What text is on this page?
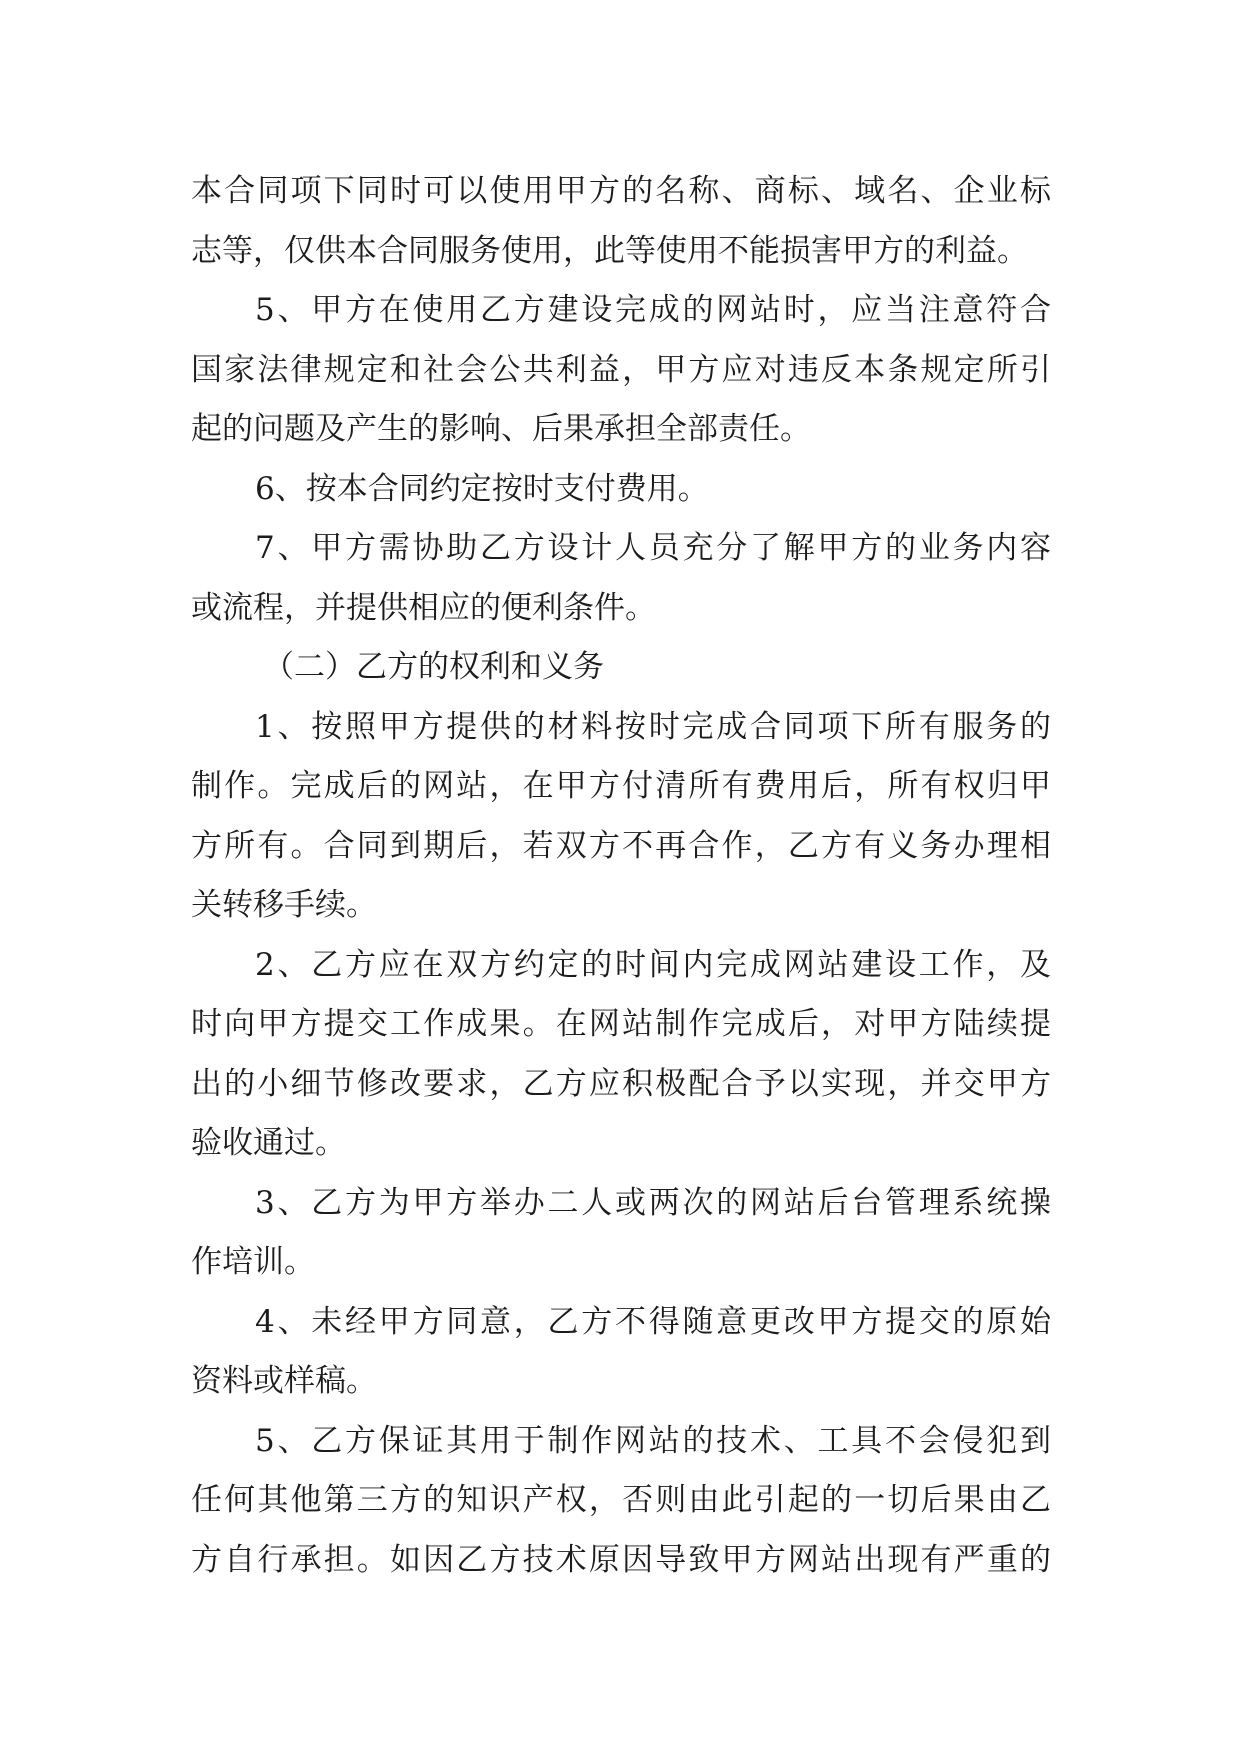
本合同项下同时可以使用甲方的名称、商标、域名、企业标
志等，仅供本合同服务使用，此等使用不能损害甲方的利益。
5、甲方在使用乙方建设完成的网站时，应当注意符合
国家法律规定和社会公共利益，甲方应对违反本条规定所引
起的问题及产生的影响、后果承担全部责任。
6、按本合同约定按时支付费用。
7、甲方需协助乙方设计人员充分了解甲方的业务内容
或流程，并提供相应的便利条件。
（二）乙方的权利和义务
1、按照甲方提供的材料按时完成合同项下所有服务的
制作。完成后的网站，在甲方付清所有费用后，所有权归甲
方所有。合同到期后，若双方不再合作，乙方有义务办理相
关转移手续。
2、乙方应在双方约定的时间内完成网站建设工作，及
时向甲方提交工作成果。在网站制作完成后，对甲方陆续提
出的小细节修改要求，乙方应积极配合予以实现，并交甲方
验收通过。
3、乙方为甲方举办二人或两次的网站后台管理系统操
作培训。
4、未经甲方同意，乙方不得随意更改甲方提交的原始
资料或样稿。
5、乙方保证其用于制作网站的技术、工具不会侵犯到
任何其他第三方的知识产权，否则由此引起的一切后果由乙
方自行承担。如因乙方技术原因导致甲方网站出现有严重的
